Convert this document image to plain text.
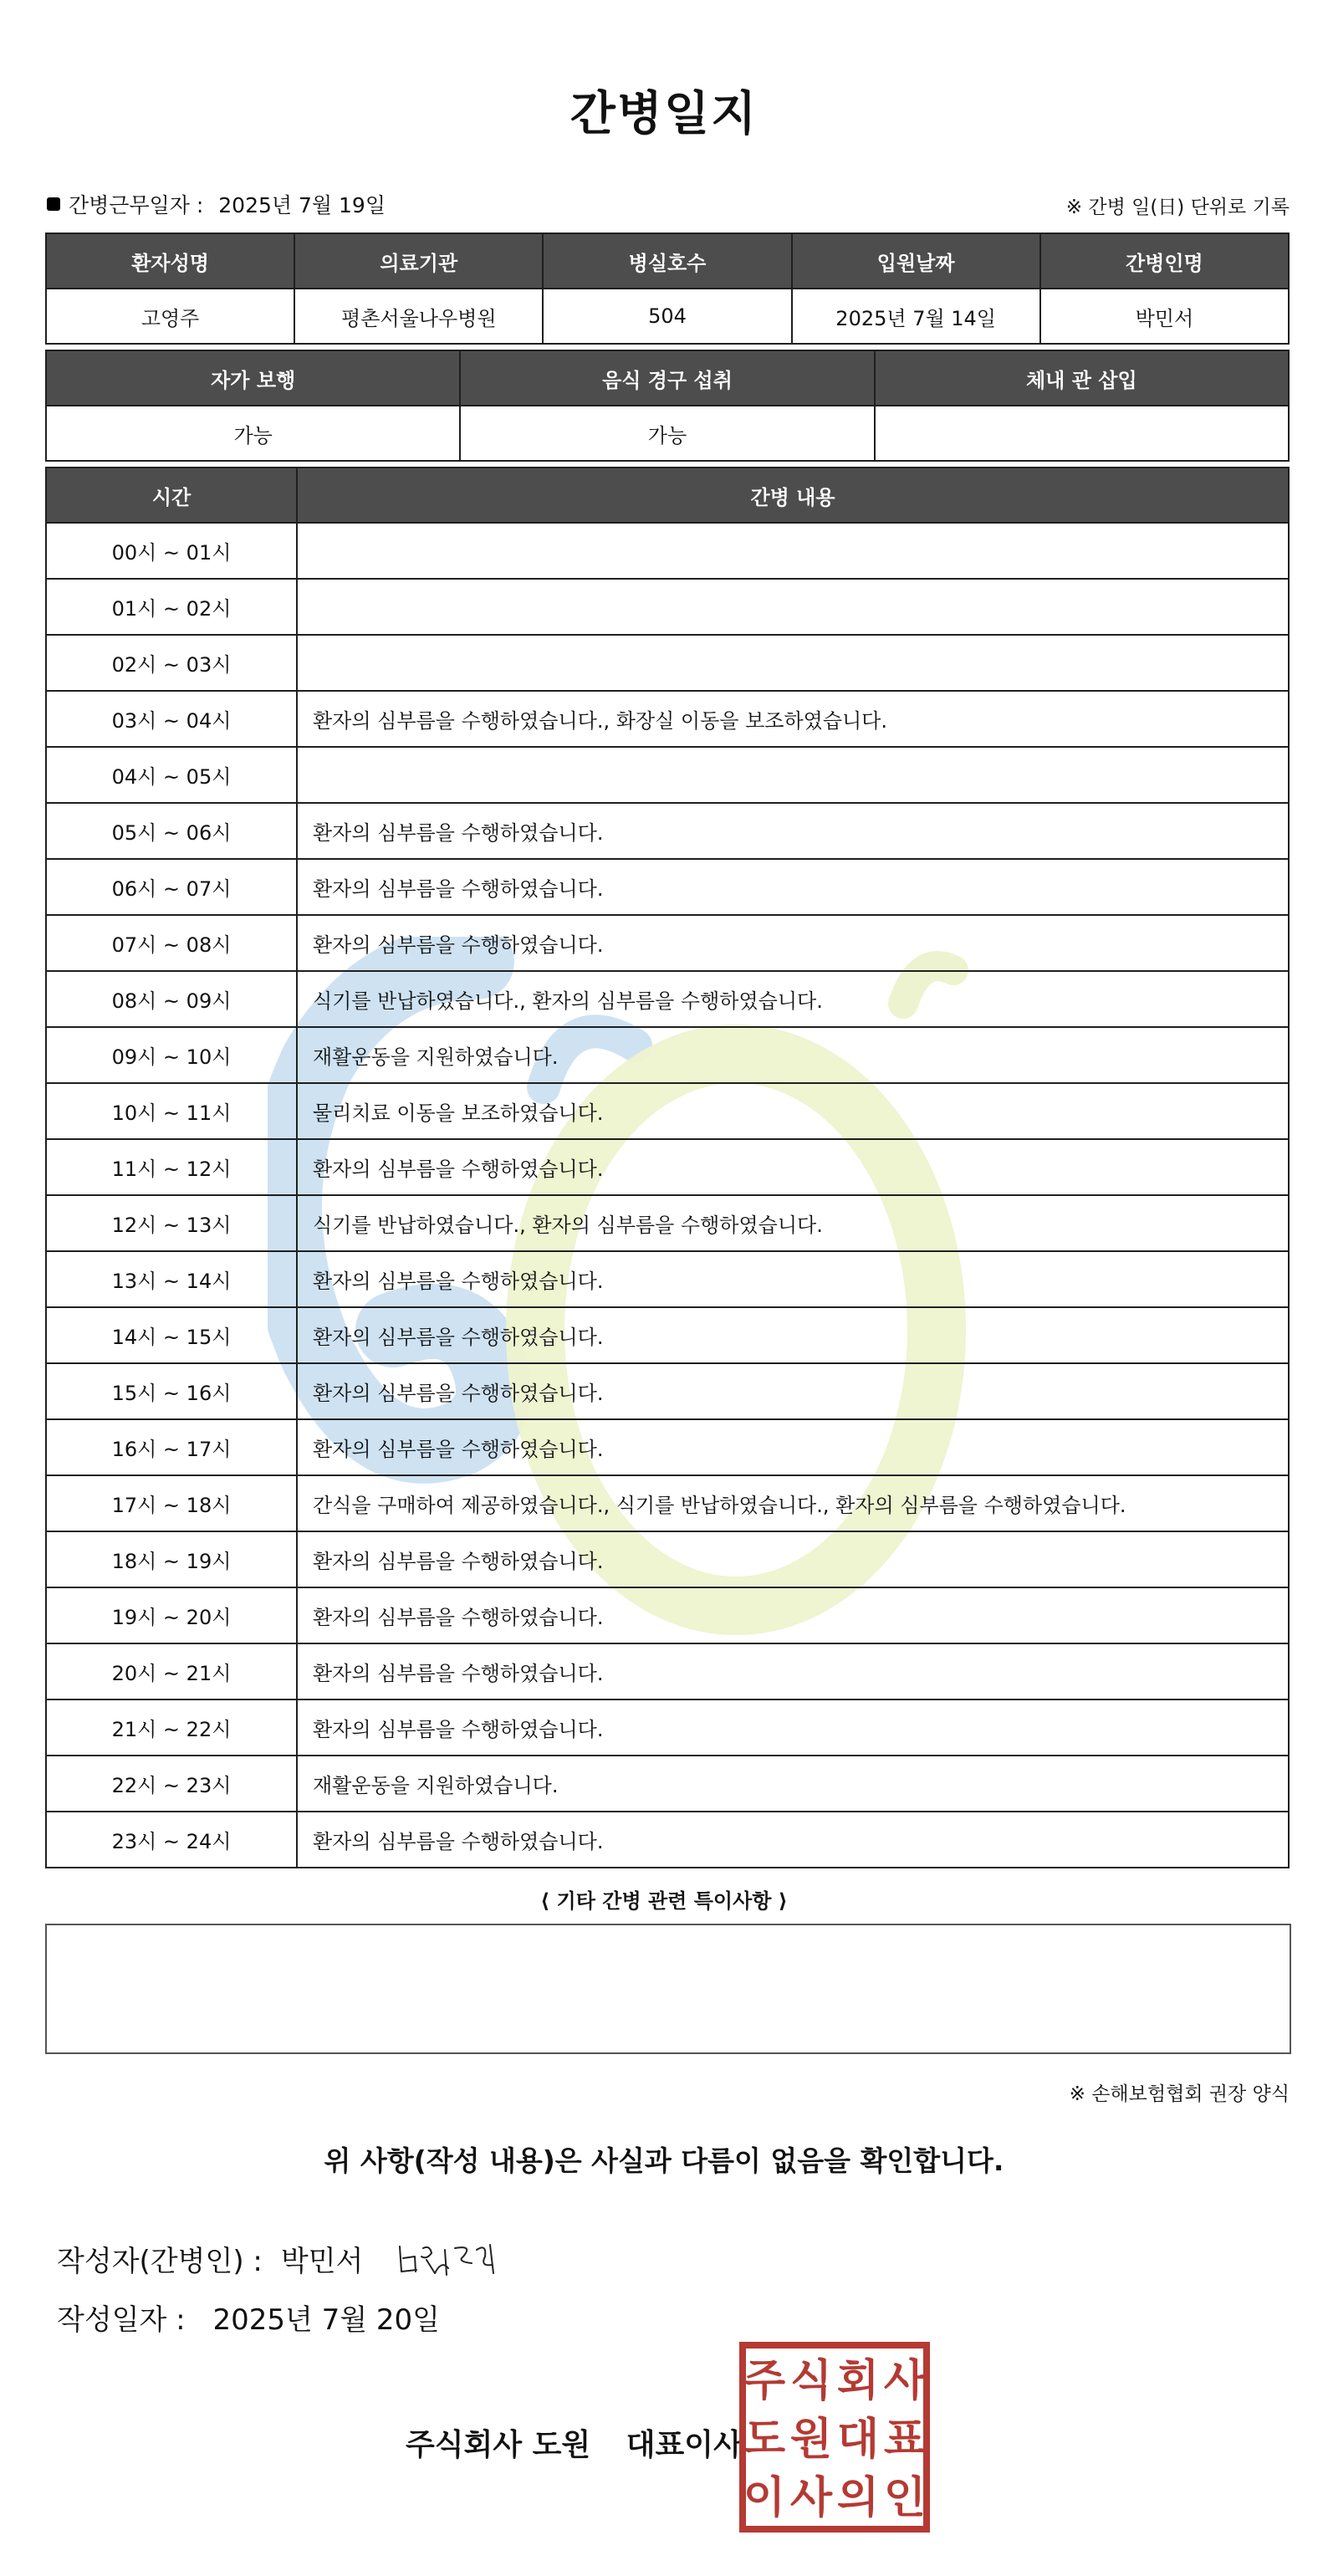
간병일지
간병근무일자 : 2025년 7월 19일	※ 간병 일(日) 단위로 기록
환자성명	의료기관	병실호수	입원날짜	간병인명
고영주	평촌서울나우병원	504	2025년 7월 14일	박민서
자가 보행	음식 경구 섭취	체내 관 삽입
가능	가능	
시간	간병 내용
00시 ~ 01시	
01시 ~ 02시	
02시 ~ 03시	
03시 ~ 04시	환자의 심부름을 수행하였습니다., 화장실 이동을 보조하였습니다.
04시 ~ 05시	
05시 ~ 06시	환자의 심부름을 수행하였습니다.
06시 ~ 07시	환자의 심부름을 수행하였습니다.
07시 ~ 08시	환자의 심부름을 수행하였습니다.
08시 ~ 09시	식기를 반납하였습니다., 환자의 심부름을 수행하였습니다.
09시 ~ 10시	재활운동을 지원하였습니다.
10시 ~ 11시	물리치료 이동을 보조하였습니다.
11시 ~ 12시	환자의 심부름을 수행하였습니다.
12시 ~ 13시	식기를 반납하였습니다., 환자의 심부름을 수행하였습니다.
13시 ~ 14시	환자의 심부름을 수행하였습니다.
14시 ~ 15시	환자의 심부름을 수행하였습니다.
15시 ~ 16시	환자의 심부름을 수행하였습니다.
16시 ~ 17시	환자의 심부름을 수행하였습니다.
17시 ~ 18시	간식을 구매하여 제공하였습니다., 식기를 반납하였습니다., 환자의 심부름을 수행하였습니다.
18시 ~ 19시	환자의 심부름을 수행하였습니다.
19시 ~ 20시	환자의 심부름을 수행하였습니다.
20시 ~ 21시	환자의 심부름을 수행하였습니다.
21시 ~ 22시	환자의 심부름을 수행하였습니다.
22시 ~ 23시	재활운동을 지원하였습니다.
23시 ~ 24시	환자의 심부름을 수행하였습니다.
⟨ 기타 간병 관련 특이사항 ⟩
※ 손해보험협회 권장 양식
위 사항(작성 내용)은 사실과 다름이 없음을 확인합니다.
작성자(간병인) : 박민서
작성일자 : 2025년 7월 20일
주식회사 도원 대표이사
주 식 회 사
도 원 대 표
이 사 의 인
